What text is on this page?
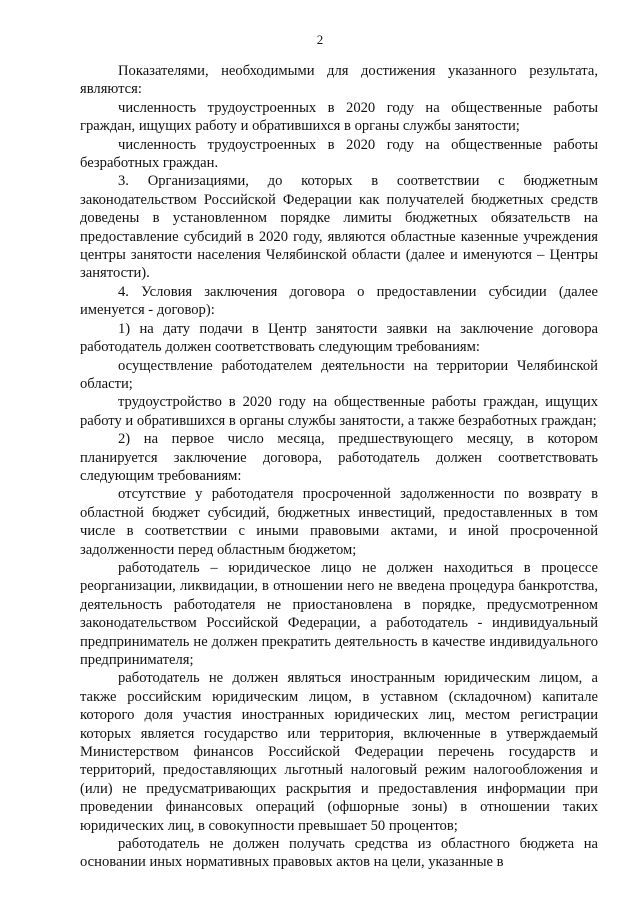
2

Показателями, необходимыми для достижения указанного результата, являются:

численность трудоустроенных в 2020 году на общественные работы граждан, ищущих работу и обратившихся в органы службы занятости;

численность трудоустроенных в 2020 году на общественные работы безработных граждан.

3. Организациями, до которых в соответствии с бюджетным законодательством Российской Федерации как получателей бюджетных средств доведены в установленном порядке лимиты бюджетных обязательств на предоставление субсидий в 2020 году, являются областные казенные учреждения центры занятости населения Челябинской области (далее и именуются – Центры занятости).

4. Условия заключения договора о предоставлении субсидии (далее именуется - договор):

1) на дату подачи в Центр занятости заявки на заключение договора работодатель должен соответствовать следующим требованиям:

осуществление работодателем деятельности на территории Челябинской области;

трудоустройство в 2020 году на общественные работы граждан, ищущих работу и обратившихся в органы службы занятости, а также безработных граждан;

2) на первое число месяца, предшествующего месяцу, в котором планируется заключение договора, работодатель должен соответствовать следующим требованиям:

отсутствие у работодателя просроченной задолженности по возврату в областной бюджет субсидий, бюджетных инвестиций, предоставленных в том числе в соответствии с иными правовыми актами, и иной просроченной задолженности перед областным бюджетом;

работодатель – юридическое лицо не должен находиться в процессе реорганизации, ликвидации, в отношении него не введена процедура банкротства, деятельность работодателя не приостановлена в порядке, предусмотренном законодательством Российской Федерации, а работодатель - индивидуальный предприниматель не должен прекратить деятельность в качестве индивидуального предпринимателя;

работодатель не должен являться иностранным юридическим лицом, а также российским юридическим лицом, в уставном (складочном) капитале которого доля участия иностранных юридических лиц, местом регистрации которых является государство или территория, включенные в утверждаемый Министерством финансов Российской Федерации перечень государств и территорий, предоставляющих льготный налоговый режим налогообложения и (или) не предусматривающих раскрытия и предоставления информации при проведении финансовых операций (офшорные зоны) в отношении таких юридических лиц, в совокупности превышает 50 процентов;

работодатель не должен получать средства из областного бюджета на основании иных нормативных правовых актов на цели, указанные в
